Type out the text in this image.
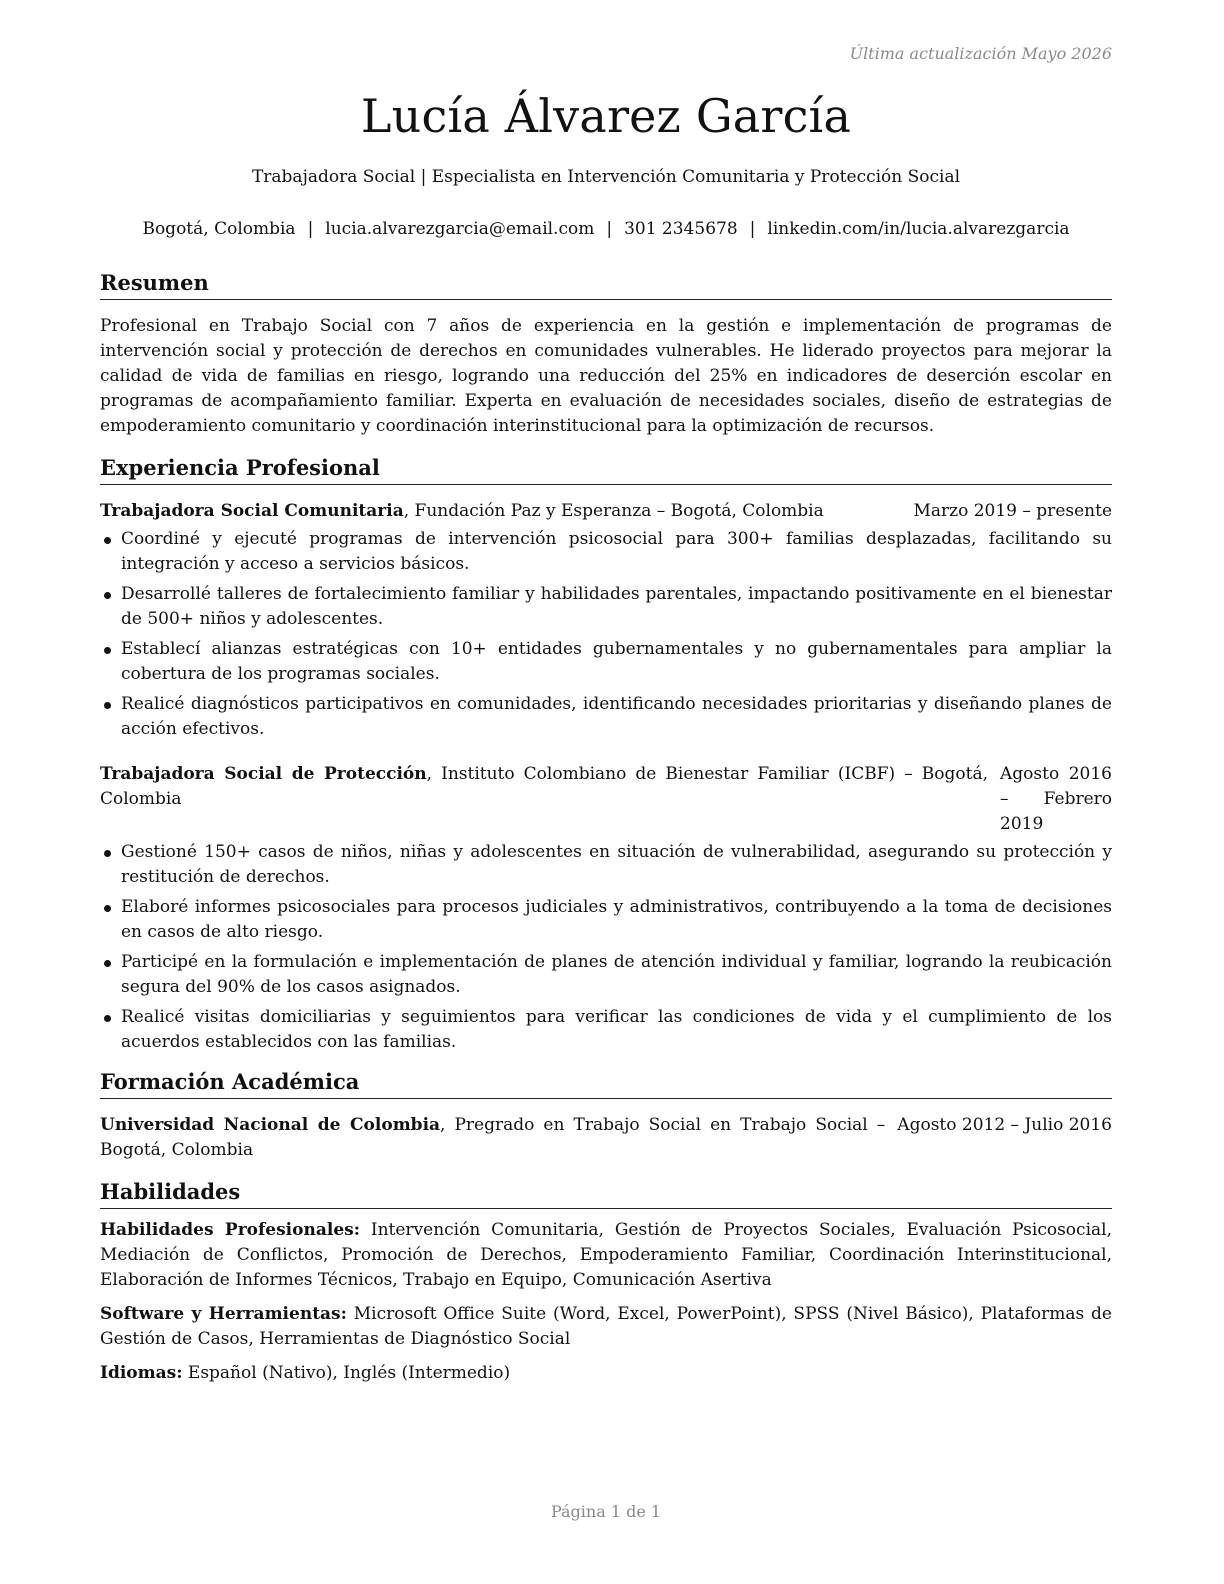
Última actualización Mayo 2026
Lucía Álvarez García
Trabajadora Social | Especialista en Intervención Comunitaria y Protección Social
Bogotá, Colombia | lucia.alvarezgarcia@email.com | 301 2345678 | linkedin.com/in/lucia.alvarezgarcia
Resumen

Profesional en Trabajo Social con 7 años de experiencia en la gestión e implementación de programas de intervención social y protección de derechos en comunidades vulnerables. He liderado proyectos para mejorar la calidad de vida de familias en riesgo, logrando una reducción del 25% en indicadores de deserción escolar en programas de acompañamiento familiar. Experta en evaluación de necesidades sociales, diseño de estrategias de empoderamiento comunitario y coordinación interinstitucional para la optimización de recursos.

Experiencia Profesional
Trabajadora Social Comunitaria, Fundación Paz y Esperanza – Bogotá, Colombia	Marzo 2019 – presente
Coordiné y ejecuté programas de intervención psicosocial para 300+ familias desplazadas, facilitando su integración y acceso a servicios básicos.
Desarrollé talleres de fortalecimiento familiar y habilidades parentales, impactando positivamente en el bienestar de 500+ niños y adolescentes.
Establecí alianzas estratégicas con 10+ entidades gubernamentales y no gubernamentales para ampliar la cobertura de los programas sociales.
Realicé diagnósticos participativos en comunidades, identificando necesidades prioritarias y diseñando planes de acción efectivos.
Trabajadora Social de Protección, Instituto Colombiano de Bienestar Familiar (ICBF) – Bogotá, Colombia
Agosto 2016 – Febrero 2019
Gestioné 150+ casos de niños, niñas y adolescentes en situación de vulnerabilidad, asegurando su protección y restitución de derechos.
Elaboré informes psicosociales para procesos judiciales y administrativos, contribuyendo a la toma de decisiones en casos de alto riesgo.
Participé en la formulación e implementación de planes de atención individual y familiar, logrando la reubicación segura del 90% de los casos asignados.
Realicé visitas domiciliarias y seguimientos para verificar las condiciones de vida y el cumplimiento de los acuerdos establecidos con las familias.
Formación Académica
Universidad Nacional de Colombia, Pregrado en Trabajo Social en Trabajo Social – Bogotá, Colombia
Agosto 2012 – Julio 2016
Habilidades

Habilidades Profesionales: Intervención Comunitaria, Gestión de Proyectos Sociales, Evaluación Psicosocial, Mediación de Conflictos, Promoción de Derechos, Empoderamiento Familiar, Coordinación Interinstitucional, Elaboración de Informes Técnicos, Trabajo en Equipo, Comunicación Asertiva

Software y Herramientas: Microsoft Office Suite (Word, Excel, PowerPoint), SPSS (Nivel Básico), Plataformas de Gestión de Casos, Herramientas de Diagnóstico Social

Idiomas: Español (Nativo), Inglés (Intermedio)

Página 1 de 1
